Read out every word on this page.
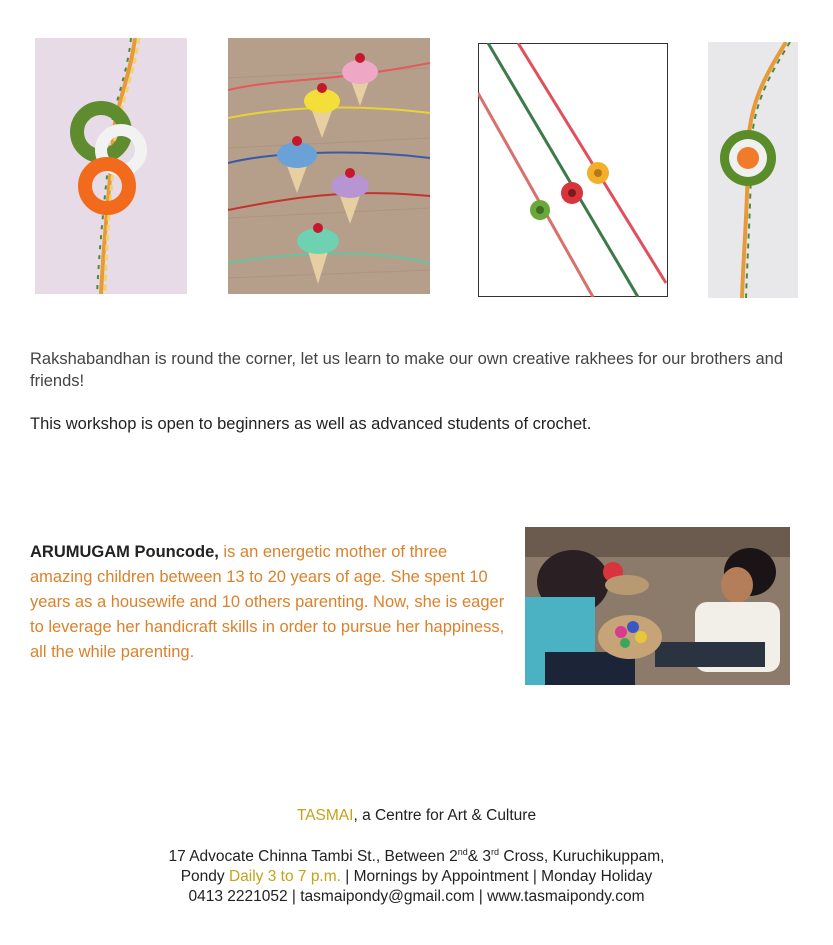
Rakshabandhan is round the corner, let us learn to make our own creative rakhees for our brothers and friends!

This workshop is open to beginners as well as advanced students of crochet.

ARUMUGAM Pouncode, is an energetic mother of three amazing children between 13 to 20 years of age. She spent 10 years as a housewife and 10 others parenting. Now, she is eager to leverage her handicraft skills in order to pursue her happiness, all the while parenting.

TASMAI, a Centre for Art & Culture
17 Advocate Chinna Tambi St., Between 2nd& 3rd Cross, Kuruchikuppam,
Pondy Daily 3 to 7 p.m. | Mornings by Appointment | Monday Holiday
0413 2221052 | tasmaipondy@gmail.com | www.tasmaipondy.com
